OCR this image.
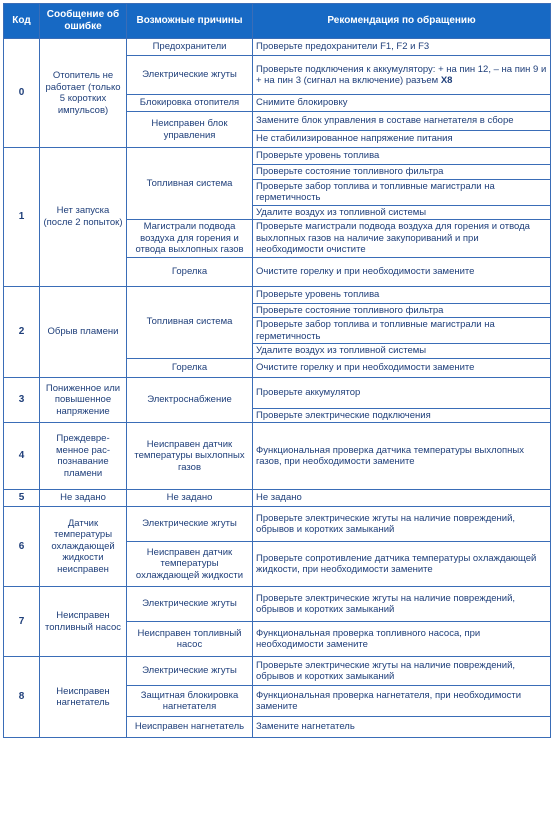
Код	Сообщение об ошибке	Возможные причины	Рекомендация по обращению
0	Отопитель не работает (только 5 коротких импульсов)	Предохранители	Проверьте предохранители F1, F2 и F3
		Электрические жгуты	Проверьте подключения к аккумулятору: + на пин 12, – на пин 9 и + на пин 3 (сигнал на включение) разъем X8
		Блокировка отопителя	Снимите блокировку
		Неисправен блок управления	Замените блок управления в составе нагнетателя в сборе
			Не стабилизированное напряжение питания
1	Нет запуска (после 2 попыток)	Топливная система	Проверьте уровень топлива
			Проверьте состояние топливного фильтра
			Проверьте забор топлива и топливные магистрали на герметичность
			Удалите воздух из топливной системы
		Магистрали подвода воздуха для горения и отвода выхлопных газов	Проверьте магистрали подвода воздуха для горения и отвода выхлопных газов на наличие закупориваний и при необходимости очистите
		Горелка	Очистите горелку и при необходимости замените
2	Обрыв пламени	Топливная система	Проверьте уровень топлива
			Проверьте состояние топливного фильтра
			Проверьте забор топлива и топливные магистрали на герметичность
			Удалите воздух из топливной системы
		Горелка	Очистите горелку и при необходимости замените
3	Пониженное или повышенное напряжение	Электроснабжение	Проверьте аккумулятор
			Проверьте электрические подключения
4	Преждевре-менное рас-познавание пламени	Неисправен датчик температуры выхлопных газов	Функциональная проверка датчика температуры выхлопных газов, при необходимости замените
5	Не задано	Не задано	Не задано
6	Датчик температуры охлаждающей жидкости неисправен	Электрические жгуты	Проверьте электрические жгуты на наличие повреждений, обрывов и коротких замыканий
		Неисправен датчик температуры охлаждающей жидкости	Проверьте сопротивление датчика температуры охлаждающей жидкости, при необходимости замените
7	Неисправен топливный насос	Электрические жгуты	Проверьте электрические жгуты на наличие повреждений, обрывов и коротких замыканий
		Неисправен топливный насос	Функциональная проверка топливного насоса, при необходимости замените
8	Неисправен нагнетатель	Электрические жгуты	Проверьте электрические жгуты на наличие повреждений, обрывов и коротких замыканий
		Защитная блокировка нагнетателя	Функциональная проверка нагнетателя, при необходимости замените
		Неисправен нагнетатель	Замените нагнетатель
